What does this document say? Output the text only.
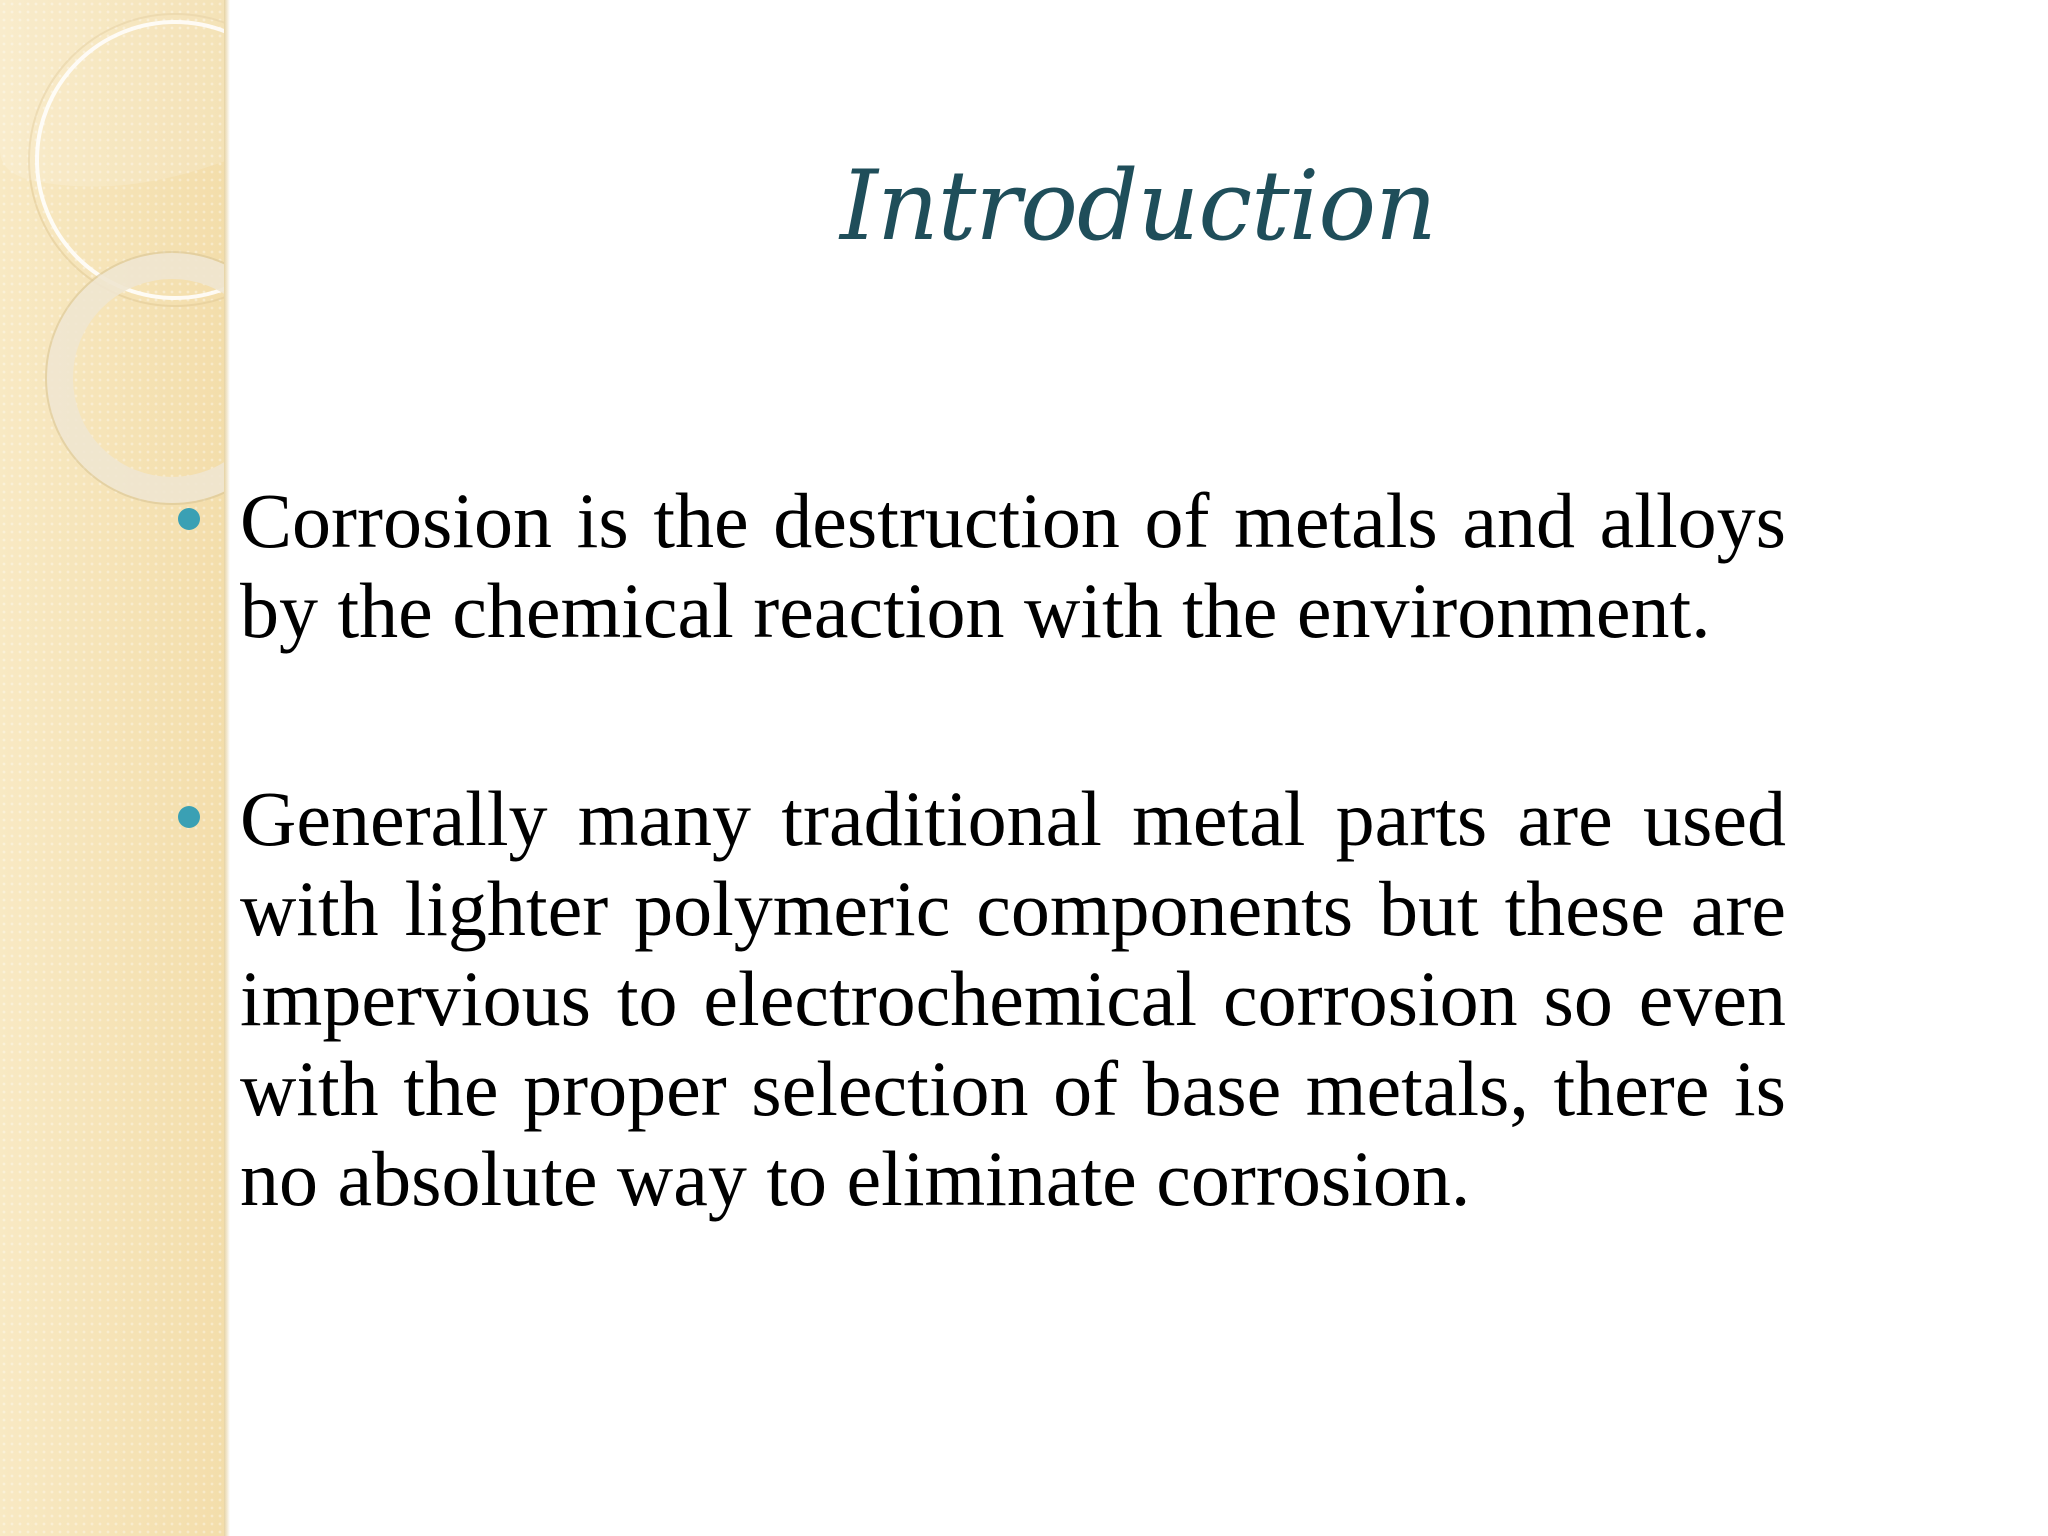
Introduction
Corrosion is the destruction of metals and alloys by the chemical reaction with the environment.
Generally many traditional metal parts are used with lighter polymeric components but these are impervious to electrochemical corrosion so even with the proper selection of base metals, there is no absolute way to eliminate corrosion.
